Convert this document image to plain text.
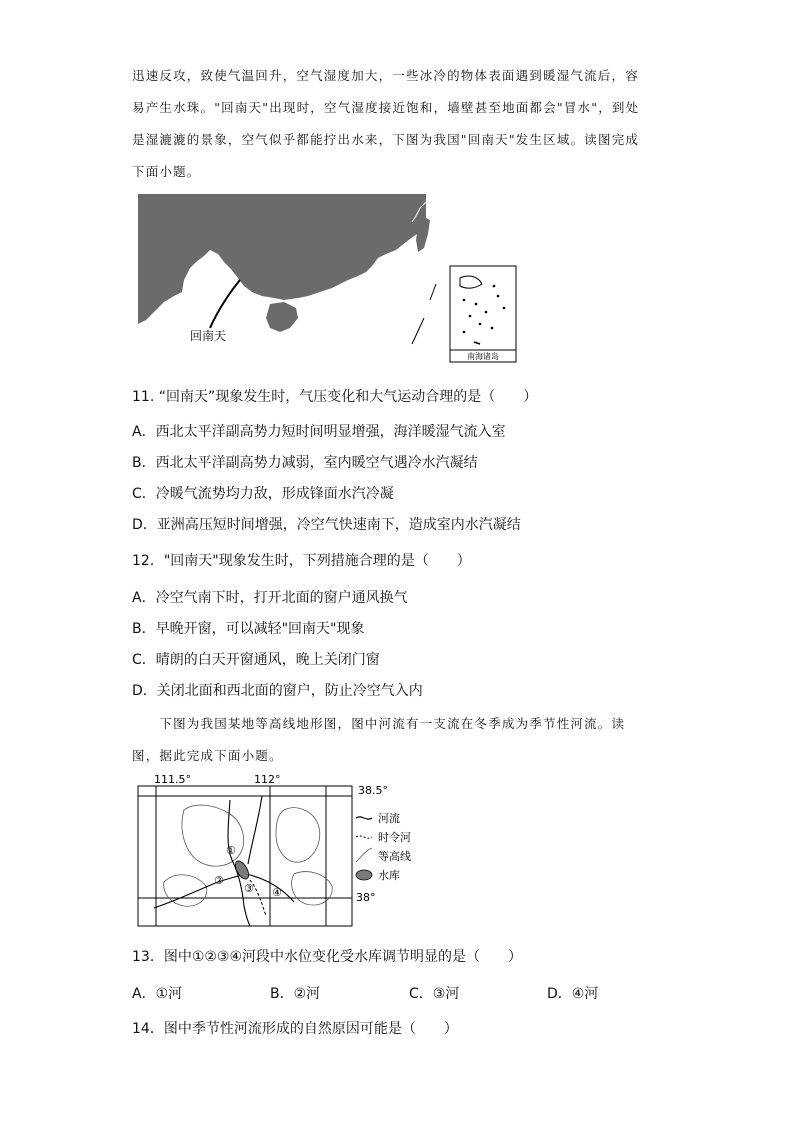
迅速反攻，致使气温回升，空气湿度加大，一些冰冷的物体表面遇到暖湿气流后，容
易产生水珠。"回南天"出现时，空气湿度接近饱和，墙壁甚至地面都会"冒水"，到处
是湿漉漉的景象，空气似乎都能拧出水来，下图为我国"回南天"发生区域。读图完成
下面小题。
回南天
南海诸岛
11. “回南天”现象发生时，气压变化和大气运动合理的是（　　）
A．西北太平洋副高势力短时间明显增强，海洋暖湿气流入室
B．西北太平洋副高势力减弱，室内暖空气遇冷水汽凝结
C．冷暖气流势均力敌，形成锋面水汽冷凝
D．亚洲高压短时间增强，冷空气快速南下，造成室内水汽凝结
12．"回南天"现象发生时，下列措施合理的是（　　）
A．冷空气南下时，打开北面的窗户通风换气
B．早晚开窗，可以减轻"回南天"现象
C．晴朗的白天开窗通风，晚上关闭门窗
D．关闭北面和西北面的窗户，防止冷空气入内
　　下图为我国某地等高线地形图，图中河流有一支流在冬季成为季节性河流。读
图，据此完成下面小题。
111.5°	112°
38.5°
38°
①
②
③ ④
河流
时令河
等高线
水库
13．图中①②③④河段中水位变化受水库调节明显的是（　　）
A．①河	B．②河	C．③河	D．④河
14．图中季节性河流形成的自然原因可能是（　　）
